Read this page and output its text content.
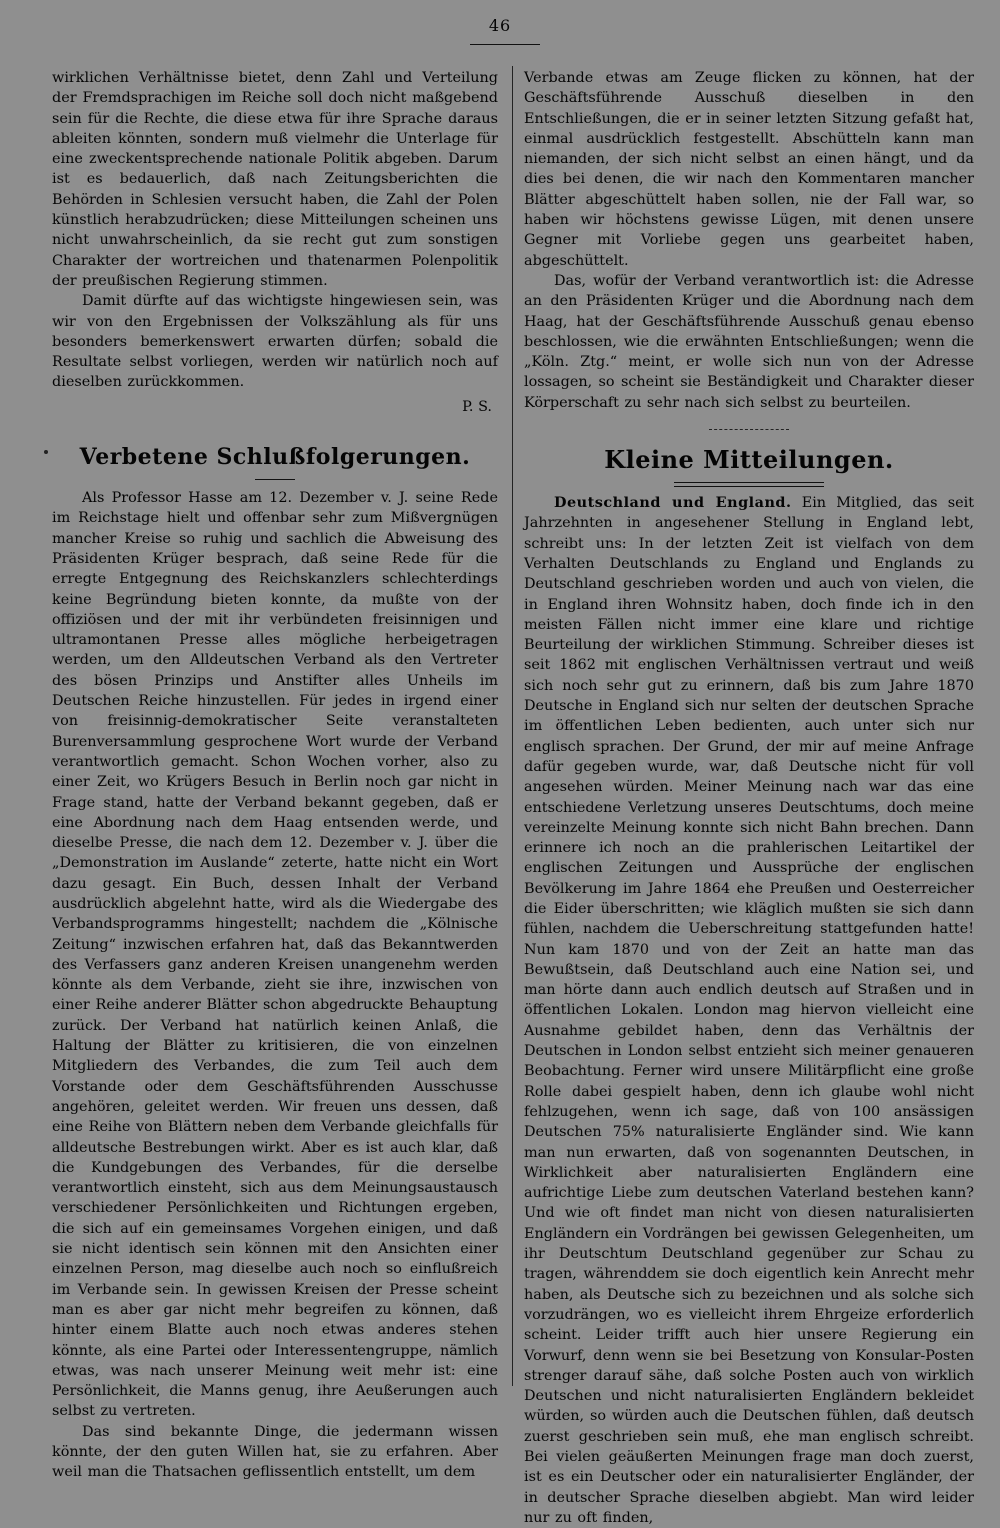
46

wirklichen Verhältnisse bietet, denn Zahl und Verteilung der Fremdsprachigen im Reiche soll doch nicht maßgebend sein für die Rechte, die diese etwa für ihre Sprache daraus ableiten könnten, sondern muß vielmehr die Unterlage für eine zweckentsprechende nationale Politik abgeben. Darum ist es bedauerlich, daß nach Zeitungsberichten die Behörden in Schlesien versucht haben, die Zahl der Polen künstlich herabzudrücken; diese Mitteilungen scheinen uns nicht unwahrscheinlich, da sie recht gut zum sonstigen Charakter der wortreichen und thatenarmen Polenpolitik der preußischen Regierung stimmen.

Damit dürfte auf das wichtigste hingewiesen sein, was wir von den Ergebnissen der Volkszählung als für uns besonders bemerkenswert erwarten dürfen; sobald die Resultate selbst vorliegen, werden wir natürlich noch auf dieselben zurückkommen.

P. S.
Verbetene Schlußfolgerungen.

Als Professor Hasse am 12. Dezember v. J. seine Rede im Reichstage hielt und offenbar sehr zum Mißvergnügen mancher Kreise so ruhig und sachlich die Abweisung des Präsidenten Krüger besprach, daß seine Rede für die erregte Entgegnung des Reichskanzlers schlechterdings keine Begründung bieten konnte, da mußte von der offiziösen und der mit ihr verbündeten freisinnigen und ultramontanen Presse alles mögliche herbeigetragen werden, um den Alldeutschen Verband als den Vertreter des bösen Prinzips und Anstifter alles Unheils im Deutschen Reiche hinzustellen. Für jedes in irgend einer von freisinnig-demokratischer Seite veranstalteten Burenversammlung gesprochene Wort wurde der Verband verantwortlich gemacht. Schon Wochen vorher, also zu einer Zeit, wo Krügers Besuch in Berlin noch gar nicht in Frage stand, hatte der Verband bekannt gegeben, daß er eine Abordnung nach dem Haag entsenden werde, und dieselbe Presse, die nach dem 12. Dezember v. J. über die „Demonstration im Auslande“ zeterte, hatte nicht ein Wort dazu gesagt. Ein Buch, dessen Inhalt der Verband ausdrücklich abgelehnt hatte, wird als die Wiedergabe des Verbandsprogramms hingestellt; nachdem die „Kölnische Zeitung“ inzwischen erfahren hat, daß das Bekanntwerden des Verfassers ganz anderen Kreisen unangenehm werden könnte als dem Verbande, zieht sie ihre, inzwischen von einer Reihe anderer Blätter schon abgedruckte Behauptung zurück. Der Verband hat natürlich keinen Anlaß, die Haltung der Blätter zu kritisieren, die von einzelnen Mitgliedern des Verbandes, die zum Teil auch dem Vorstande oder dem Geschäftsführenden Ausschusse angehören, geleitet werden. Wir freuen uns dessen, daß eine Reihe von Blättern neben dem Verbande gleichfalls für alldeutsche Bestrebungen wirkt. Aber es ist auch klar, daß die Kundgebungen des Verbandes, für die derselbe verantwortlich einsteht, sich aus dem Meinungsaustausch verschiedener Persönlichkeiten und Richtungen ergeben, die sich auf ein gemeinsames Vorgehen einigen, und daß sie nicht identisch sein können mit den Ansichten einer einzelnen Person, mag dieselbe auch noch so einflußreich im Verbande sein. In gewissen Kreisen der Presse scheint man es aber gar nicht mehr begreifen zu können, daß hinter einem Blatte auch noch etwas anderes stehen könnte, als eine Partei oder Interessentengruppe, nämlich etwas, was nach unserer Meinung weit mehr ist: eine Persönlichkeit, die Manns genug, ihre Aeußerungen auch selbst zu vertreten.

Das sind bekannte Dinge, die jedermann wissen könnte, der den guten Willen hat, sie zu erfahren. Aber weil man die Thatsachen geflissentlich entstellt, um dem

Verbande etwas am Zeuge flicken zu können, hat der Geschäftsführende Ausschuß dieselben in den Entschließungen, die er in seiner letzten Sitzung gefaßt hat, einmal ausdrücklich festgestellt. Abschütteln kann man niemanden, der sich nicht selbst an einen hängt, und da dies bei denen, die wir nach den Kommentaren mancher Blätter abgeschüttelt haben sollen, nie der Fall war, so haben wir höchstens gewisse Lügen, mit denen unsere Gegner mit Vorliebe gegen uns gearbeitet haben, abgeschüttelt.

Das, wofür der Verband verantwortlich ist: die Adresse an den Präsidenten Krüger und die Abordnung nach dem Haag, hat der Geschäftsführende Ausschuß genau ebenso beschlossen, wie die erwähnten Entschließungen; wenn die „Köln. Ztg.“ meint, er wolle sich nun von der Adresse lossagen, so scheint sie Beständigkeit und Charakter dieser Körperschaft zu sehr nach sich selbst zu beurteilen.

Kleine Mitteilungen.

Deutschland und England. Ein Mitglied, das seit Jahrzehnten in angesehener Stellung in England lebt, schreibt uns: In der letzten Zeit ist vielfach von dem Verhalten Deutschlands zu England und Englands zu Deutschland geschrieben worden und auch von vielen, die in England ihren Wohnsitz haben, doch finde ich in den meisten Fällen nicht immer eine klare und richtige Beurteilung der wirklichen Stimmung. Schreiber dieses ist seit 1862 mit englischen Verhältnissen vertraut und weiß sich noch sehr gut zu erinnern, daß bis zum Jahre 1870 Deutsche in England sich nur selten der deutschen Sprache im öffentlichen Leben bedienten, auch unter sich nur englisch sprachen. Der Grund, der mir auf meine Anfrage dafür gegeben wurde, war, daß Deutsche nicht für voll angesehen würden. Meiner Meinung nach war das eine entschiedene Verletzung unseres Deutschtums, doch meine vereinzelte Meinung konnte sich nicht Bahn brechen. Dann erinnere ich noch an die prahlerischen Leitartikel der englischen Zeitungen und Aussprüche der englischen Bevölkerung im Jahre 1864 ehe Preußen und Oesterreicher die Eider überschritten; wie kläglich mußten sie sich dann fühlen, nachdem die Ueberschreitung stattgefunden hatte! Nun kam 1870 und von der Zeit an hatte man das Bewußtsein, daß Deutschland auch eine Nation sei, und man hörte dann auch endlich deutsch auf Straßen und in öffentlichen Lokalen. London mag hiervon vielleicht eine Ausnahme gebildet haben, denn das Verhältnis der Deutschen in London selbst entzieht sich meiner genaueren Beobachtung. Ferner wird unsere Militärpflicht eine große Rolle dabei gespielt haben, denn ich glaube wohl nicht fehlzugehen, wenn ich sage, daß von 100 ansässigen Deutschen 75% naturalisierte Engländer sind. Wie kann man nun erwarten, daß von sogenannten Deutschen, in Wirklichkeit aber naturalisierten Engländern eine aufrichtige Liebe zum deutschen Vaterland bestehen kann? Und wie oft findet man nicht von diesen naturalisierten Engländern ein Vordrängen bei gewissen Gelegenheiten, um ihr Deutschtum Deutschland gegenüber zur Schau zu tragen, währenddem sie doch eigentlich kein Anrecht mehr haben, als Deutsche sich zu bezeichnen und als solche sich vorzudrängen, wo es vielleicht ihrem Ehrgeize erforderlich scheint. Leider trifft auch hier unsere Regierung ein Vorwurf, denn wenn sie bei Besetzung von Konsular-Posten strenger darauf sähe, daß solche Posten auch von wirklich Deutschen und nicht naturalisierten Engländern bekleidet würden, so würden auch die Deutschen fühlen, daß deutsch zuerst geschrieben sein muß, ehe man englisch schreibt. Bei vielen geäußerten Meinungen frage man doch zuerst, ist es ein Deutscher oder ein naturalisierter Engländer, der in deutscher Sprache dieselben abgiebt. Man wird leider nur zu oft finden,
